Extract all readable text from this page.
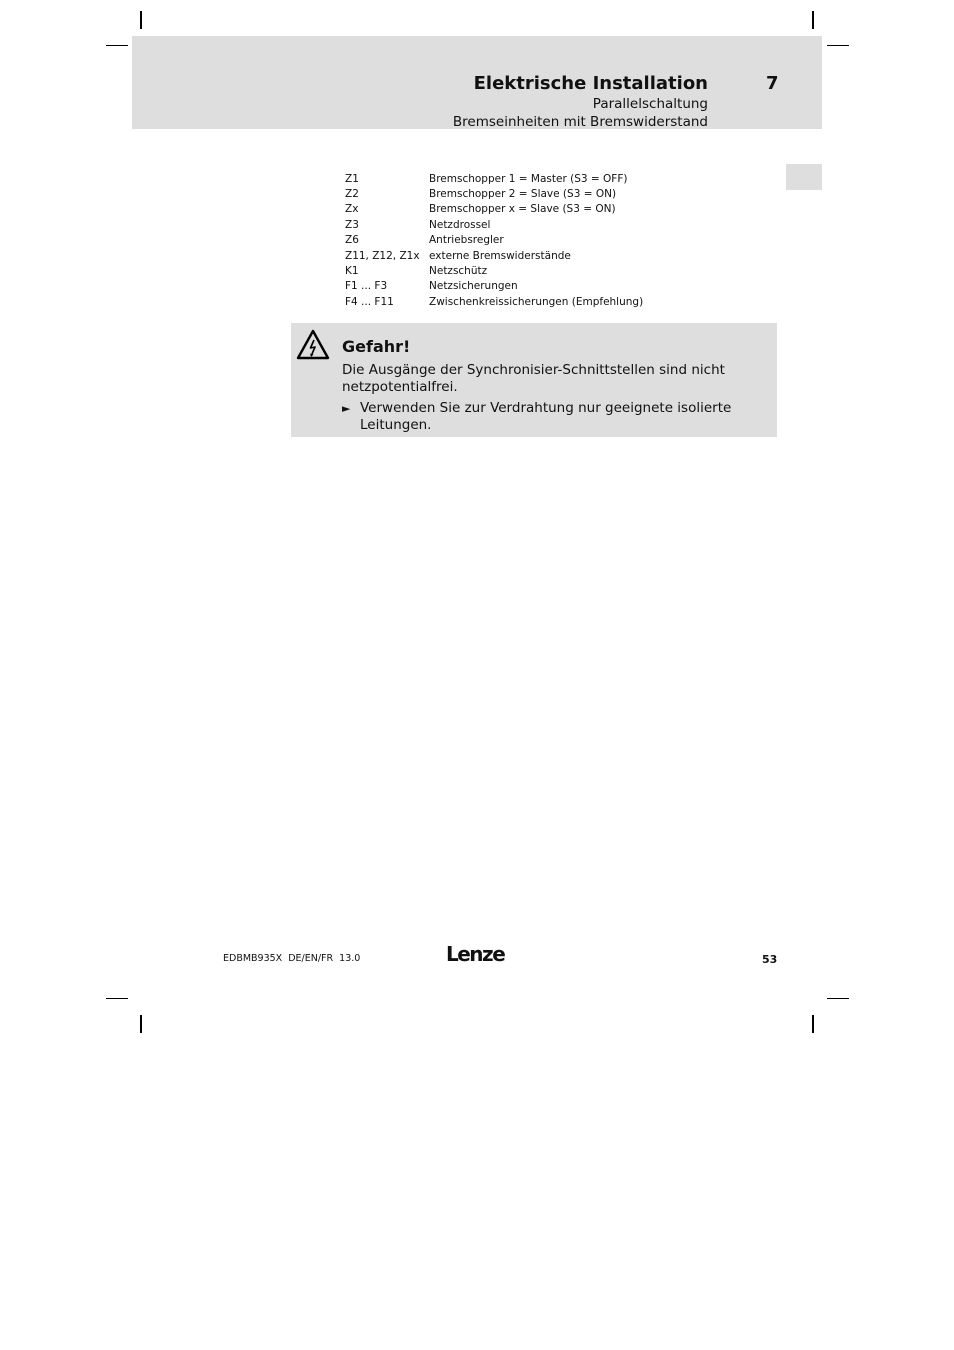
Elektrische Installation	7
Parallelschaltung
Bremseinheiten mit Bremswiderstand
Z1	Bremschopper 1 = Master (S3 = OFF)
Z2	Bremschopper 2 = Slave (S3 = ON)
Zx	Bremschopper x = Slave (S3 = ON)
Z3	Netzdrossel
Z6	Antriebsregler
Z11, Z12, Z1x	externe Bremswiderstände
K1	Netzschütz
F1 ... F3	Netzsicherungen
F4 ... F11	Zwischenkreissicherungen (Empfehlung)
Gefahr!
Die Ausgänge der Synchronisier-Schnittstellen sind nicht netzpotentialfrei.
► Verwenden Sie zur Verdrahtung nur geeignete isolierte Leitungen.
EDBMB935X  DE/EN/FR  13.0	Lenze	53
